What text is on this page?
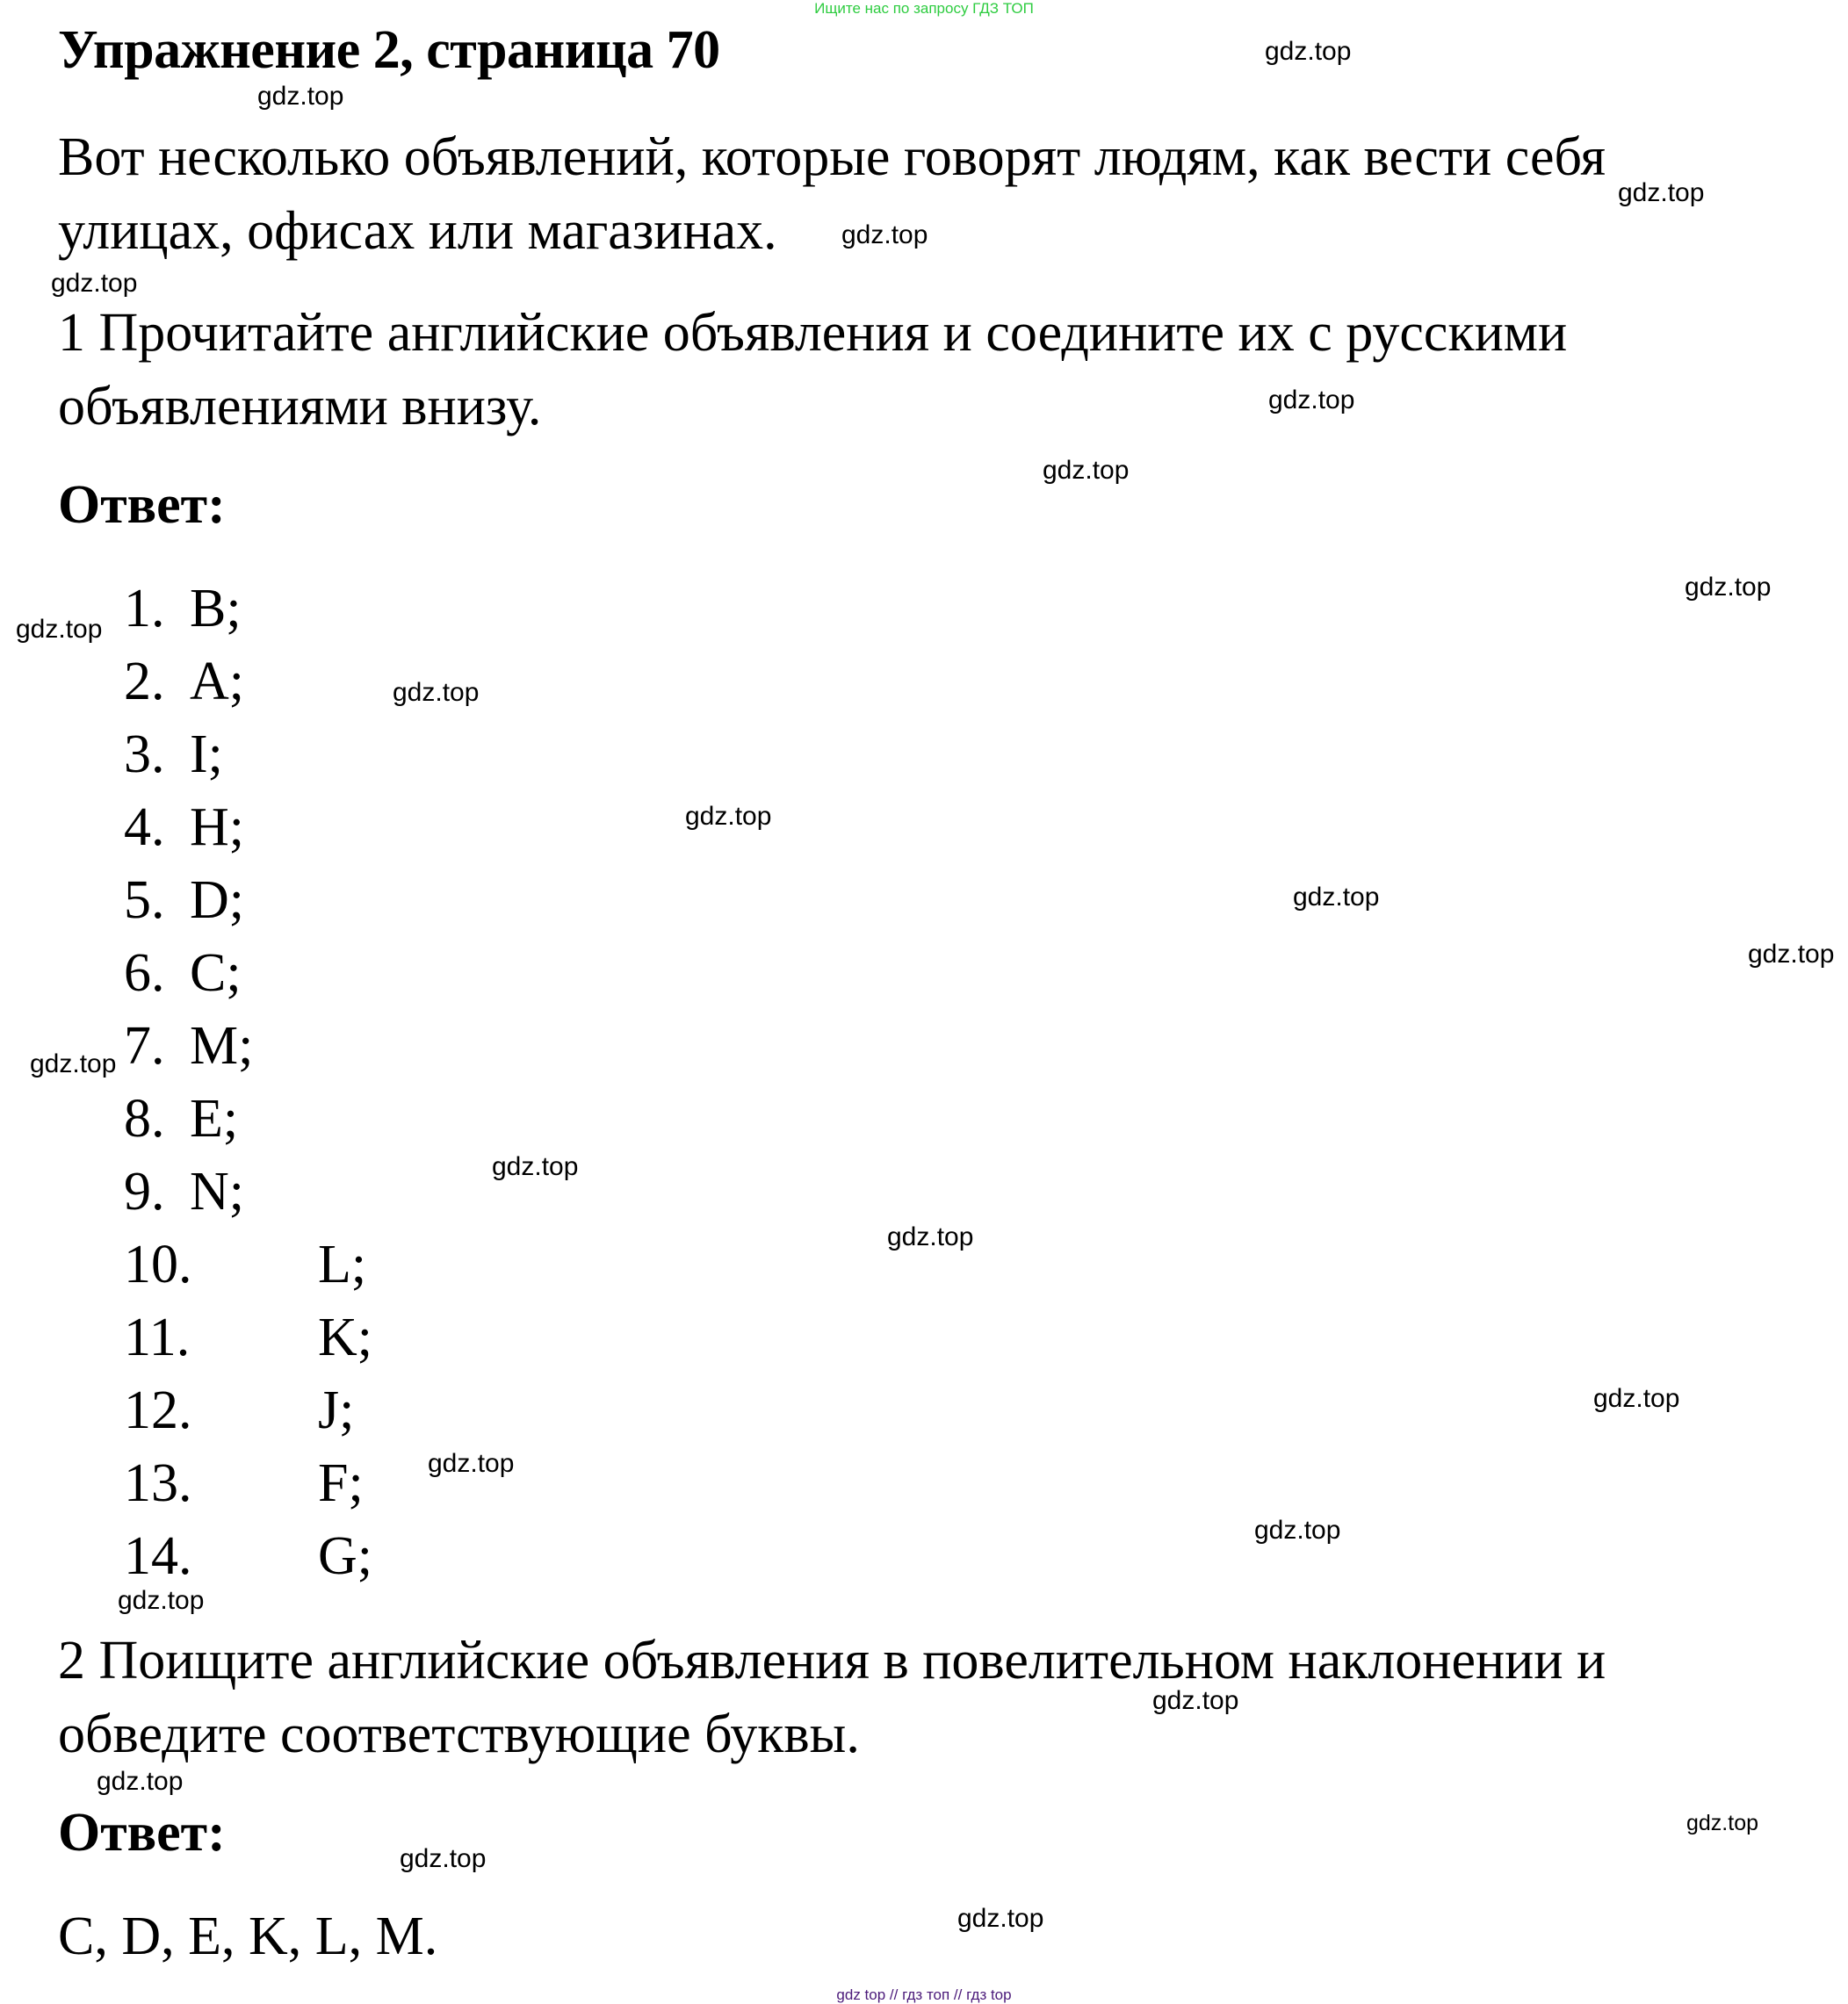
Ищите нас по запросу ГДЗ ТОП
Упражнение 2, страница 70
Вот несколько объявлений, которые говорят людям, как вести себя
улицах, офисах или магазинах.
1 Прочитайте английские объявления и соедините их с русскими
объявлениями внизу.
Ответ:
1. B;
2. A;
3. I;
4. H;
5. D;
6. C;
7. M;
8. E;
9. N;
10. L;
11. K;
12. J;
13. F;
14. G;
2 Поищите английские объявления в повелительном наклонении и
обведите соответствующие буквы.
Ответ:
C, D, E, K, L, M.
gdz.top
gdz.top
gdz.top
gdz.top
gdz.top
gdz.top
gdz.top
gdz.top
gdz.top
gdz.top
gdz.top
gdz.top
gdz.top
gdz.top
gdz.top
gdz.top
gdz.top
gdz.top
gdz.top
gdz.top
gdz.top
gdz.top
gdz.top
gdz.top
gdz.top
gdz top // гдз топ // гдз top
